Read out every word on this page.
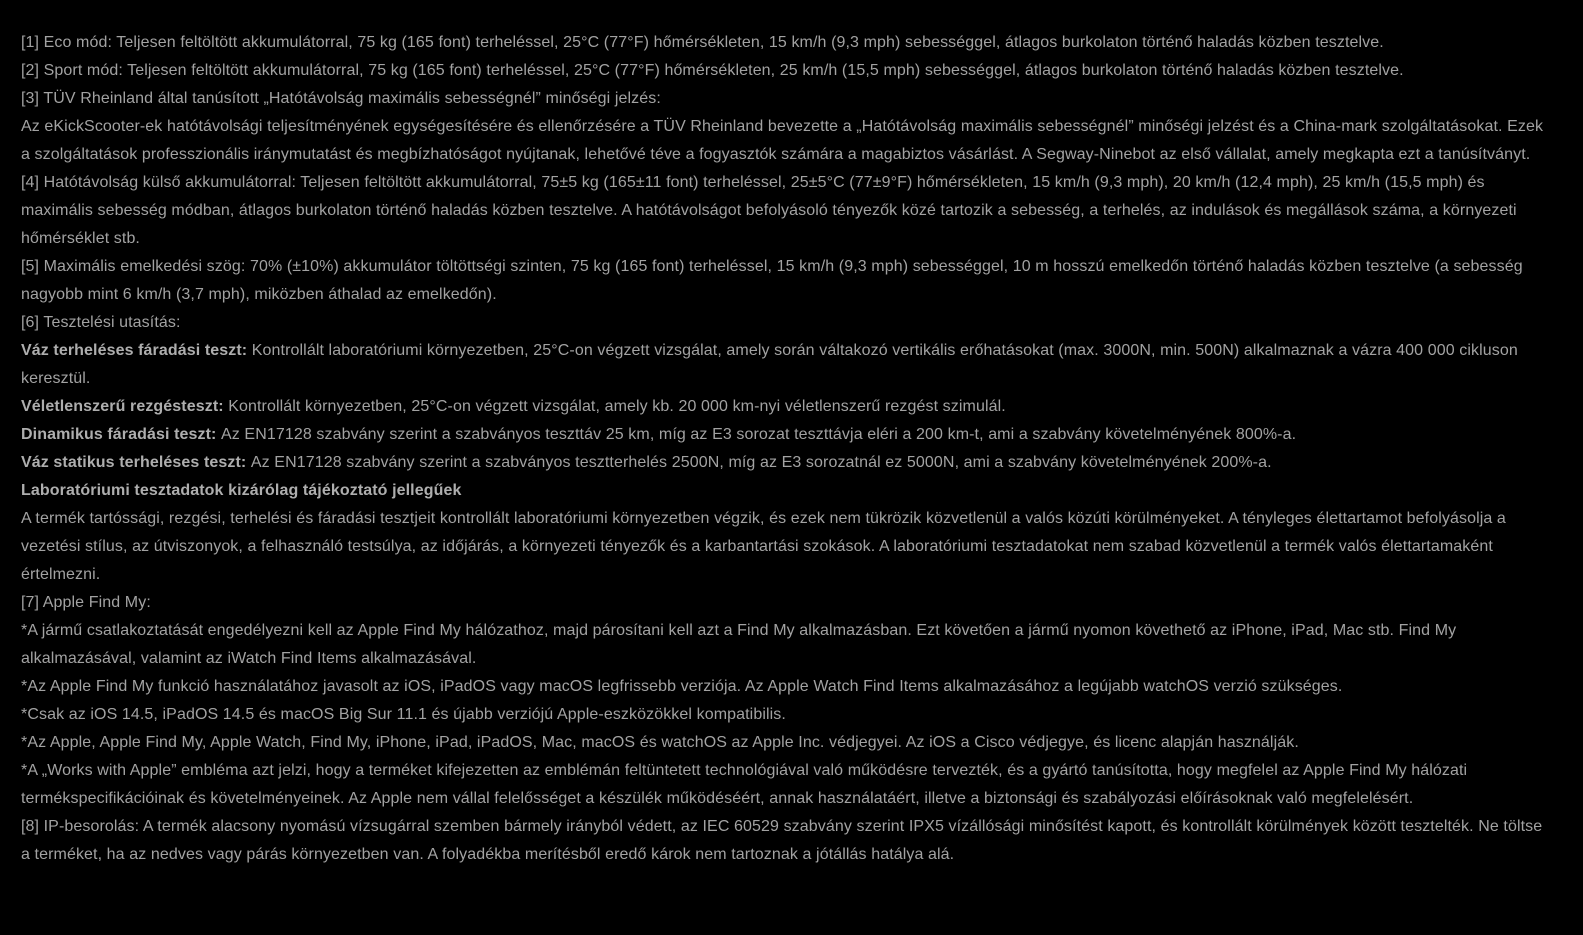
[1] Eco mód: Teljesen feltöltött akkumulátorral, 75 kg (165 font) terheléssel, 25°C (77°F) hőmérsékleten, 15 km/h (9,3 mph) sebességgel, átlagos burkolaton történő haladás közben tesztelve.

[2] Sport mód: Teljesen feltöltött akkumulátorral, 75 kg (165 font) terheléssel, 25°C (77°F) hőmérsékleten, 25 km/h (15,5 mph) sebességgel, átlagos burkolaton történő haladás közben tesztelve.

[3] TÜV Rheinland által tanúsított „Hatótávolság maximális sebességnél” minőségi jelzés:

Az eKickScooter-ek hatótávolsági teljesítményének egységesítésére és ellenőrzésére a TÜV Rheinland bevezette a „Hatótávolság maximális sebességnél” minőségi jelzést és a China-mark szolgáltatásokat. Ezek a szolgáltatások professzionális iránymutatást és megbízhatóságot nyújtanak, lehetővé téve a fogyasztók számára a magabiztos vásárlást. A Segway-Ninebot az első vállalat, amely megkapta ezt a tanúsítványt.

[4] Hatótávolság külső akkumulátorral: Teljesen feltöltött akkumulátorral, 75±5 kg (165±11 font) terheléssel, 25±5°C (77±9°F) hőmérsékleten, 15 km/h (9,3 mph), 20 km/h (12,4 mph), 25 km/h (15,5 mph) és maximális sebesség módban, átlagos burkolaton történő haladás közben tesztelve. A hatótávolságot befolyásoló tényezők közé tartozik a sebesség, a terhelés, az indulások és megállások száma, a környezeti hőmérséklet stb.

[5] Maximális emelkedési szög: 70% (±10%) akkumulátor töltöttségi szinten, 75 kg (165 font) terheléssel, 15 km/h (9,3 mph) sebességgel, 10 m hosszú emelkedőn történő haladás közben tesztelve (a sebesség nagyobb mint 6 km/h (3,7 mph), miközben áthalad az emelkedőn).

[6] Tesztelési utasítás:

Váz terheléses fáradási teszt: Kontrollált laboratóriumi környezetben, 25°C-on végzett vizsgálat, amely során váltakozó vertikális erőhatásokat (max. 3000N, min. 500N) alkalmaznak a vázra 400 000 cikluson keresztül.

Véletlenszerű rezgésteszt: Kontrollált környezetben, 25°C-on végzett vizsgálat, amely kb. 20 000 km-nyi véletlenszerű rezgést szimulál.

Dinamikus fáradási teszt: Az EN17128 szabvány szerint a szabványos teszttáv 25 km, míg az E3 sorozat teszttávja eléri a 200 km-t, ami a szabvány követelményének 800%-a.

Váz statikus terheléses teszt: Az EN17128 szabvány szerint a szabványos tesztterhelés 2500N, míg az E3 sorozatnál ez 5000N, ami a szabvány követelményének 200%-a.

Laboratóriumi tesztadatok kizárólag tájékoztató jellegűek

A termék tartóssági, rezgési, terhelési és fáradási tesztjeit kontrollált laboratóriumi környezetben végzik, és ezek nem tükrözik közvetlenül a valós közúti körülményeket. A tényleges élettartamot befolyásolja a vezetési stílus, az útviszonyok, a felhasználó testsúlya, az időjárás, a környezeti tényezők és a karbantartási szokások. A laboratóriumi tesztadatokat nem szabad közvetlenül a termék valós élettartamaként értelmezni.

[7] Apple Find My:

*A jármű csatlakoztatását engedélyezni kell az Apple Find My hálózathoz, majd párosítani kell azt a Find My alkalmazásban. Ezt követően a jármű nyomon követhető az iPhone, iPad, Mac stb. Find My alkalmazásával, valamint az iWatch Find Items alkalmazásával.

*Az Apple Find My funkció használatához javasolt az iOS, iPadOS vagy macOS legfrissebb verziója. Az Apple Watch Find Items alkalmazásához a legújabb watchOS verzió szükséges.

*Csak az iOS 14.5, iPadOS 14.5 és macOS Big Sur 11.1 és újabb verziójú Apple-eszközökkel kompatibilis.

*Az Apple, Apple Find My, Apple Watch, Find My, iPhone, iPad, iPadOS, Mac, macOS és watchOS az Apple Inc. védjegyei. Az iOS a Cisco védjegye, és licenc alapján használják.

*A „Works with Apple” embléma azt jelzi, hogy a terméket kifejezetten az emblémán feltüntetett technológiával való működésre tervezték, és a gyártó tanúsította, hogy megfelel az Apple Find My hálózati termékspecifikációinak és követelményeinek. Az Apple nem vállal felelősséget a készülék működéséért, annak használatáért, illetve a biztonsági és szabályozási előírásoknak való megfelelésért.

[8] IP-besorolás: A termék alacsony nyomású vízsugárral szemben bármely irányból védett, az IEC 60529 szabvány szerint IPX5 vízállósági minősítést kapott, és kontrollált körülmények között tesztelték. Ne töltse a terméket, ha az nedves vagy párás környezetben van. A folyadékba merítésből eredő károk nem tartoznak a jótállás hatálya alá.
